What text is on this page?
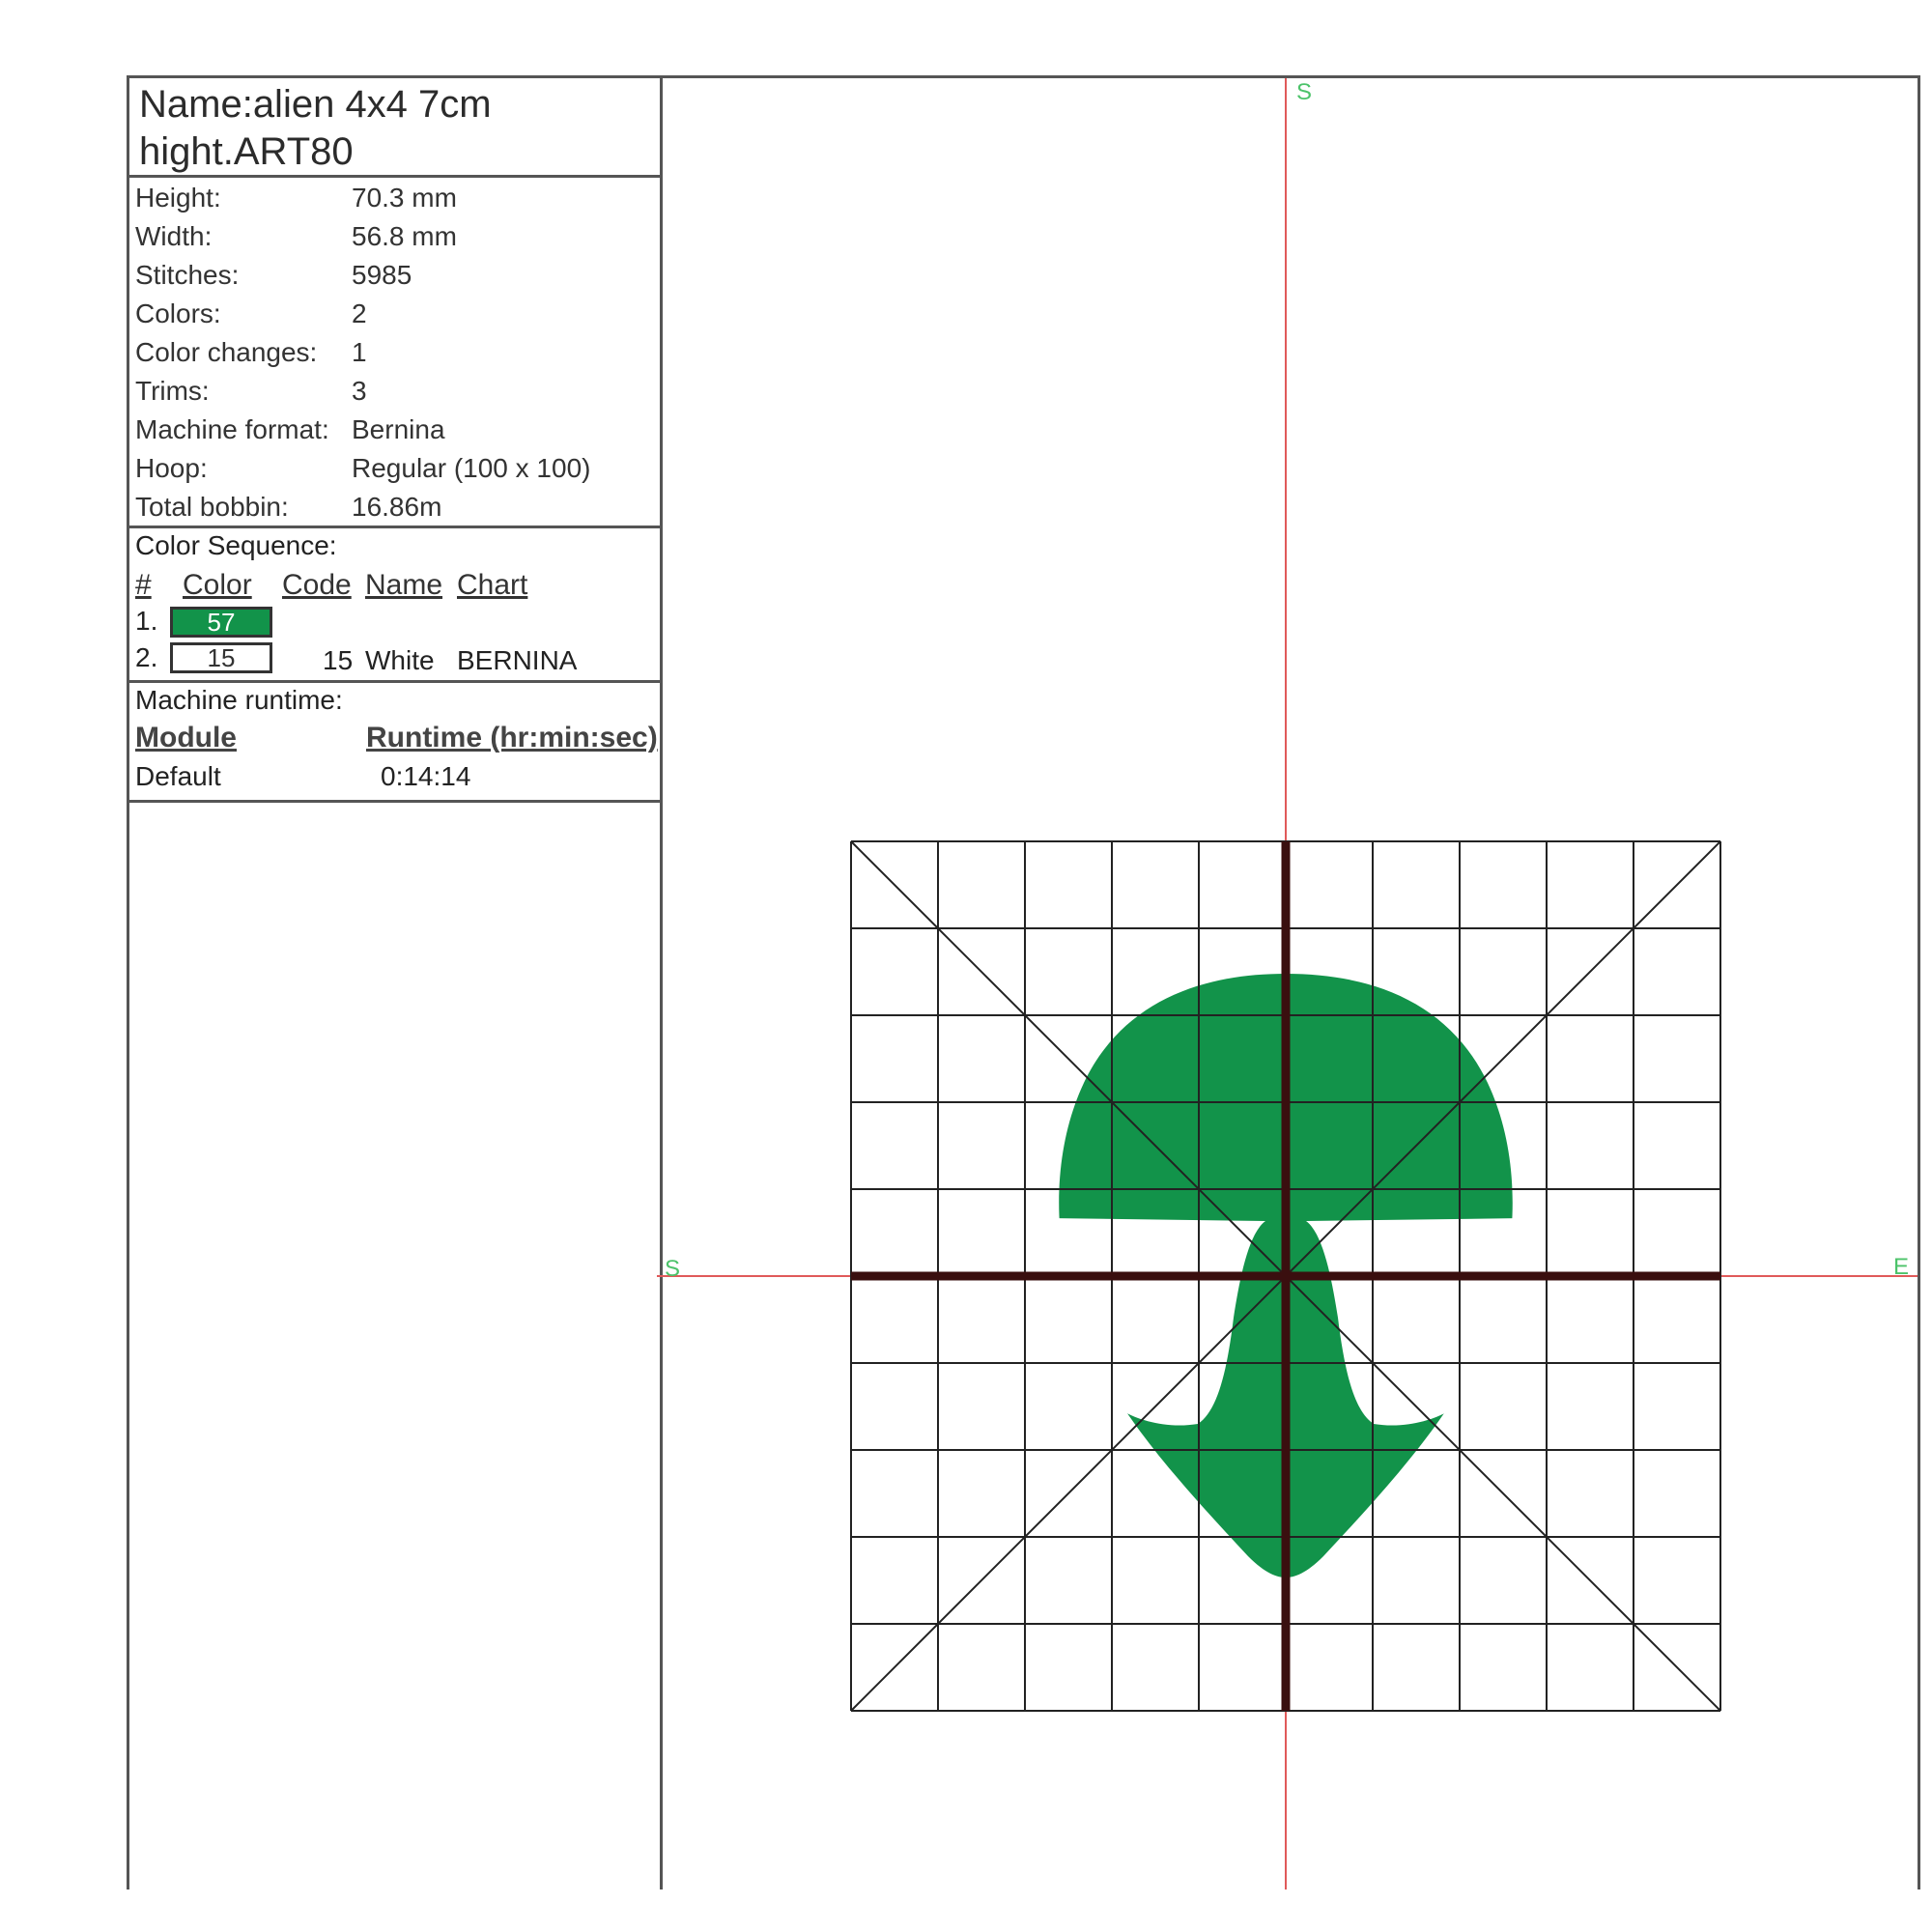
Name:alien 4x4 7cm
hight.ART80
Height:	70.3 mm
Width:	56.8 mm
Stitches:	5985
Colors:	2
Color changes:	1
Trims:	3
Machine format: Bernina
Hoop:	Regular (100 x 100)
Total bobbin:	16.86m
Color Sequence:
# Color Code Name Chart
1.	57
2.	15	15 White BERNINA
Machine runtime:
Module	Runtime (hr:min:sec)
Default	0:14:14
S
S	E
